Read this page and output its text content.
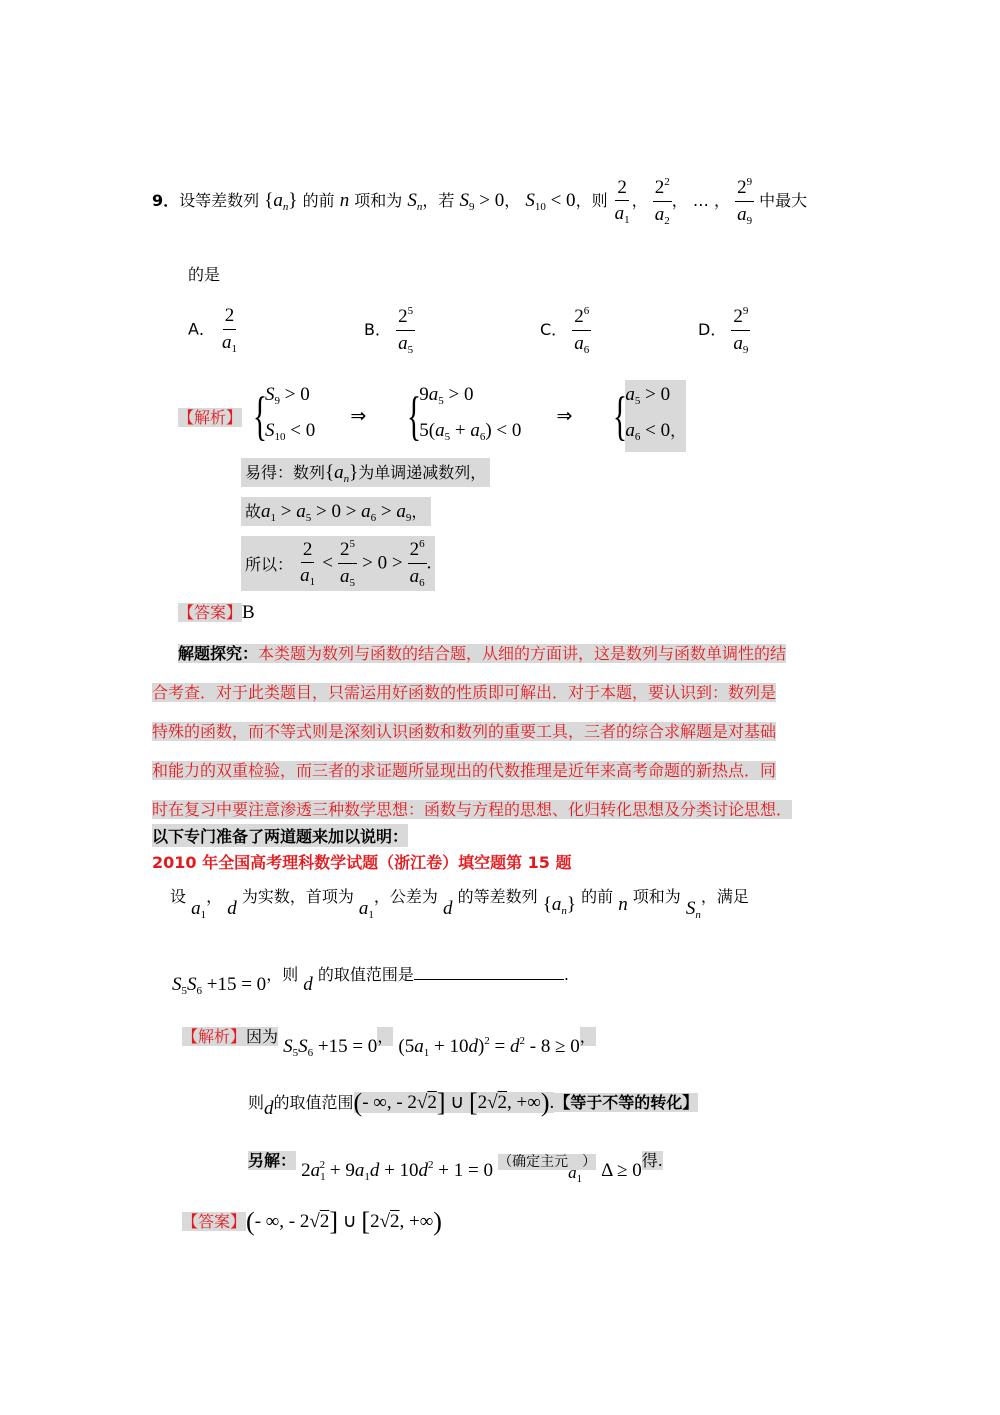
9．设等差数列 $\{a_n\}$ 的前 n 项和为 $S_n$，若 $S_9 > 0$， $S_{10} < 0$，则 $\frac{2}{a_1}$ ， $\frac{2^2}{a_2}$ ， … ， $\frac{2^9}{a_9}$ 中最大
的是
A． $\frac{2}{a_1}$	B． $\frac{2^5}{a_5}$	C． $\frac{2^6}{a_6}$	D． $\frac{2^9}{a_9}$
【解析】 {
$S_9 > 0$
$S_{10} < 0$
⇒ {
$9a_5 > 0$
$5(a_5 + a_6) < 0$
⇒ {
$a_5 > 0$
$a_6 < 0$，
易得：数列$\{a_n\}$为单调递减数列，
故$a_1 > a_5 > 0 > a_6 > a_9$，
所以： $\frac{2}{a_1} < \frac{2^5}{a_5} > 0 > \frac{2^6}{a_6}$ .
【答案】B
解题探究：本类题为数列与函数的结合题，从细的方面讲，这是数列与函数单调性的结
合考查．对于此类题目，只需运用好函数的性质即可解出．对于本题，要认识到：数列是
特殊的函数，而不等式则是深刻认识函数和数列的重要工具，三者的综合求解题是对基础
和能力的双重检验，而三者的求证题所显现出的代数推理是近年来高考命题的新热点．同
时在复习中要注意渗透三种数学思想：函数与方程的思想、化归转化思想及分类讨论思想．
以下专门准备了两道题来加以说明：
2010 年全国高考理科数学试题（浙江卷）填空题第 15 题
设 $a_1$， d 为实数，首项为 $a_1$，公差为 d 的等差数列 $\{a_n\}$ 的前 n 项和为 $S_n$，满足
$S_5S_6 +15 = 0$，则 d 的取值范围是	.
【解析】因为 $S_5S_6 +15 = 0$， $(5a_1 + 10d)^2 = d^2 - 8 \ge 0$，
则d的取值范围(- ∞, - 2√2] ∪ [2√2, +∞).【等于不等的转化】
另解： $2a_1^2 + 9a_1d + 10d^2 + 1 = 0$ （确定主元$a_1$） Δ ≥ 0得.
【答案】(- ∞, - 2√2] ∪ [2√2, +∞)
